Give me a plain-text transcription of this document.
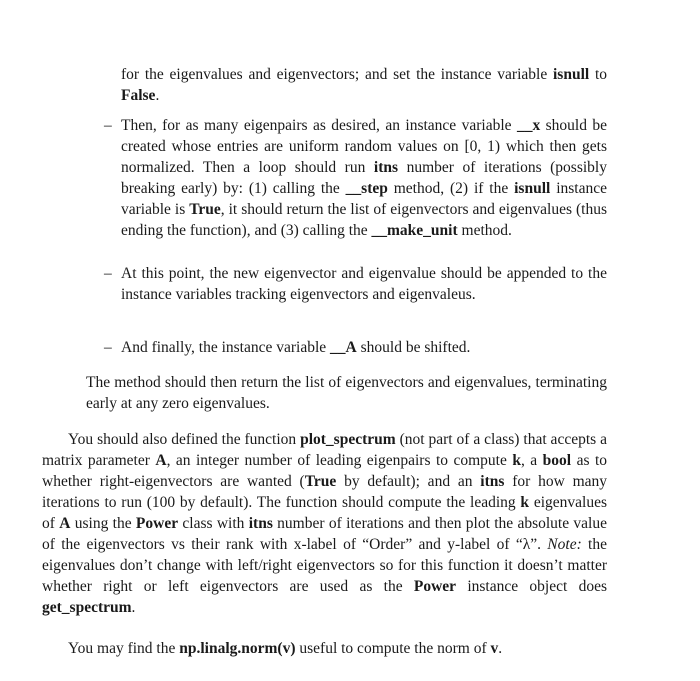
for the eigenvalues and eigenvectors; and set the instance variable isnull to False.

– Then, for as many eigenpairs as desired, an instance variable __x should be created whose entries are uniform random values on [0, 1) which then gets normalized. Then a loop should run itns number of iterations (possibly breaking early) by: (1) calling the __step method, (2) if the isnull instance variable is True, it should return the list of eigenvectors and eigenvalues (thus ending the function), and (3) calling the __make_unit method.

– At this point, the new eigenvector and eigenvalue should be appended to the instance variables tracking eigenvectors and eigenvaleus.

– And finally, the instance variable __A should be shifted.

The method should then return the list of eigenvectors and eigenvalues, terminating early at any zero eigenvalues.

You should also defined the function plot_spectrum (not part of a class) that accepts a matrix parameter A, an integer number of leading eigenpairs to compute k, a bool as to whether right-eigenvectors are wanted (True by default); and an itns for how many iterations to run (100 by default). The function should compute the leading k eigenvalues of A using the Power class with itns number of iterations and then plot the absolute value of the eigenvectors vs their rank with x-label of “Order” and y-label of “λ”. Note: the eigenvalues don’t change with left/right eigenvectors so for this function it doesn’t matter whether right or left eigenvectors are used as the Power instance object does get_spectrum.

You may find the np.linalg.norm(v) useful to compute the norm of v.
